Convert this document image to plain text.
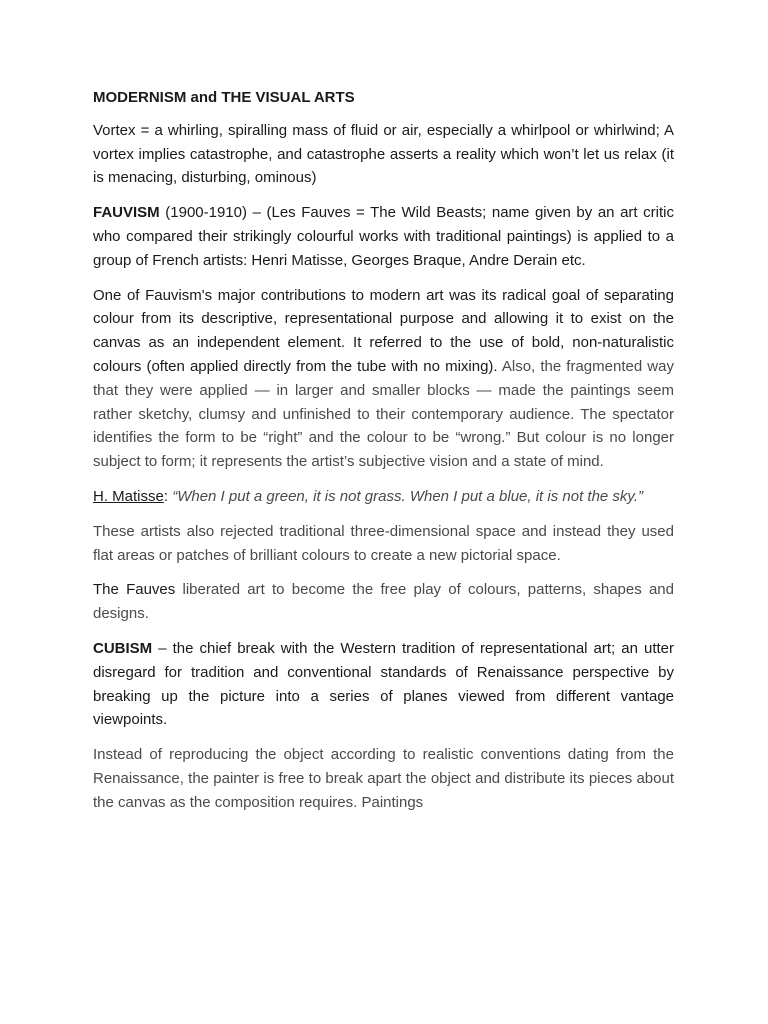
MODERNISM and THE VISUAL ARTS

Vortex = a whirling, spiralling mass of fluid or air, especially a whirlpool or whirlwind; A vortex implies catastrophe, and catastrophe asserts a reality which won’t let us relax (it is menacing, disturbing, ominous)

FAUVISM (1900-1910) – (Les Fauves = The Wild Beasts; name given by an art critic who compared their strikingly colourful works with traditional paintings) is applied to a group of French artists: Henri Matisse, Georges Braque, Andre Derain etc.

One of Fauvism's major contributions to modern art was its radical goal of separating colour from its descriptive, representational purpose and allowing it to exist on the canvas as an independent element. It referred to the use of bold, non-naturalistic colours (often applied directly from the tube with no mixing). Also, the fragmented way that they were applied — in larger and smaller blocks — made the paintings seem rather sketchy, clumsy and unfinished to their contemporary audience. The spectator identifies the form to be “right” and the colour to be “wrong.” But colour is no longer subject to form; it represents the artist’s subjective vision and a state of mind.

H. Matisse: “When I put a green, it is not grass. When I put a blue, it is not the sky.”

These artists also rejected traditional three-dimensional space and instead they used flat areas or patches of brilliant colours to create a new pictorial space.

The Fauves liberated art to become the free play of colours, patterns, shapes and designs.

CUBISM – the chief break with the Western tradition of representational art; an utter disregard for tradition and conventional standards of Renaissance perspective by breaking up the picture into a series of planes viewed from different vantage viewpoints.

Instead of reproducing the object according to realistic conventions dating from the Renaissance, the painter is free to break apart the object and distribute its pieces about the canvas as the composition requires. Paintings
